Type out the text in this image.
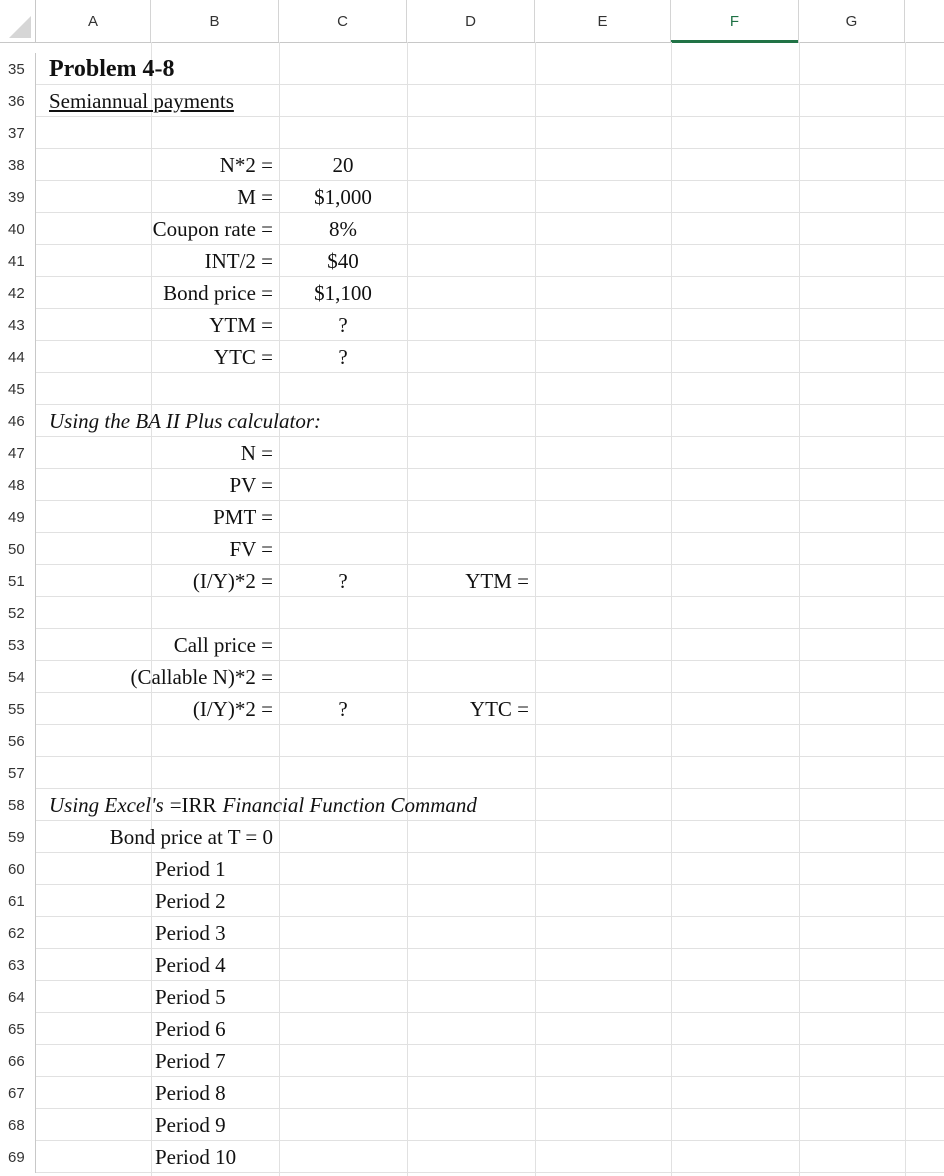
A	B	C	D	E	F	G
35
36
37
38
39
40
41
42
43
44
45
46
47
48
49
50
51
52
53
54
55
56
57
58
59
60
61
62
63
64
65
66
67
68
69
Problem 4-8
Semiannual payments
N*2 =	20
M =	$1,000
Coupon rate =	8%
INT/2 =	$40
Bond price =	$1,100
YTM =	?
YTC =	?
Using the BA II Plus calculator:
N =
PV =
PMT =
FV =
(I/Y)*2 =	?	YTM =
Call price =
(Callable N)*2 =
(I/Y)*2 =	?	YTC =
Using Excel's =IRR Financial Function Command
Bond price at T = 0
Period 1
Period 2
Period 3
Period 4
Period 5
Period 6
Period 7
Period 8
Period 9
Period 10
